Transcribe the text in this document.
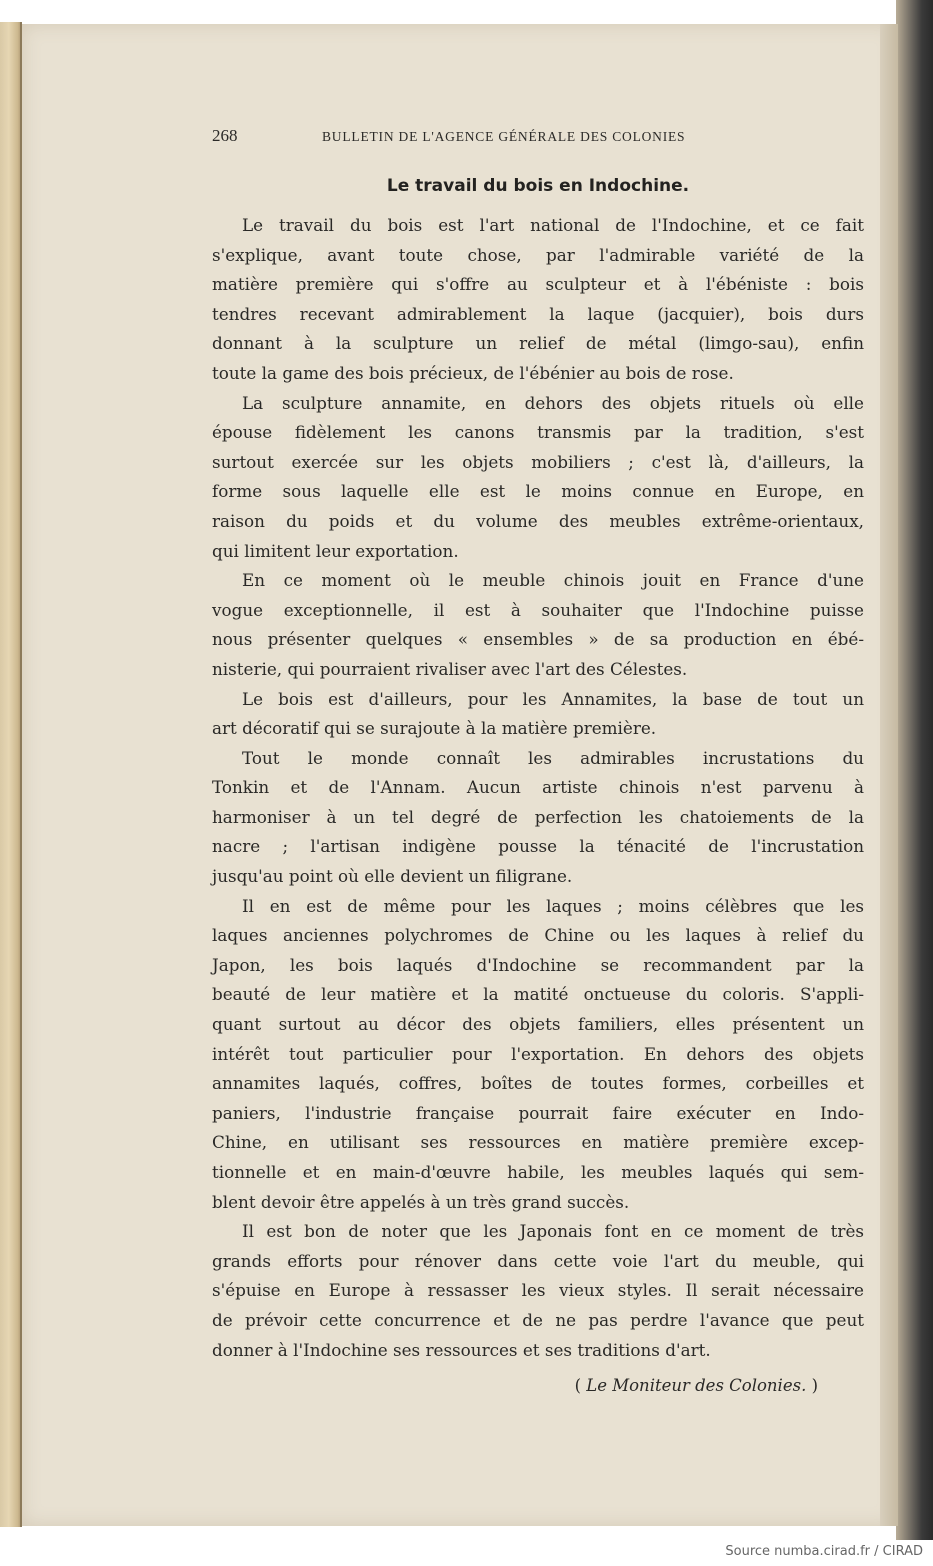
268	BULLETIN DE L'AGENCE GÉNÉRALE DES COLONIES
Le travail du bois en Indochine.
Le travail du bois est l'art national de l'Indochine, et ce fait
s'explique, avant toute chose, par l'admirable variété de la
matière première qui s'offre au sculpteur et à l'ébéniste : bois
tendres recevant admirablement la laque (jacquier), bois durs
donnant à la sculpture un relief de métal (limgo-sau), enfin
toute la game des bois précieux, de l'ébénier au bois de rose.
La sculpture annamite, en dehors des objets rituels où elle
épouse fidèlement les canons transmis par la tradition, s'est
surtout exercée sur les objets mobiliers ; c'est là, d'ailleurs, la
forme sous laquelle elle est le moins connue en Europe, en
raison du poids et du volume des meubles extrême-orientaux,
qui limitent leur exportation.
En ce moment où le meuble chinois jouit en France d'une
vogue exceptionnelle, il est à souhaiter que l'Indochine puisse
nous présenter quelques « ensembles » de sa production en ébé-
nisterie, qui pourraient rivaliser avec l'art des Célestes.
Le bois est d'ailleurs, pour les Annamites, la base de tout un
art décoratif qui se surajoute à la matière première.
Tout le monde connaît les admirables incrustations du
Tonkin et de l'Annam. Aucun artiste chinois n'est parvenu à
harmoniser à un tel degré de perfection les chatoiements de la
nacre ; l'artisan indigène pousse la ténacité de l'incrustation
jusqu'au point où elle devient un filigrane.
Il en est de même pour les laques ; moins célèbres que les
laques anciennes polychromes de Chine ou les laques à relief du
Japon, les bois laqués d'Indochine se recommandent par la
beauté de leur matière et la matité onctueuse du coloris. S'appli-
quant surtout au décor des objets familiers, elles présentent un
intérêt tout particulier pour l'exportation. En dehors des objets
annamites laqués, coffres, boîtes de toutes formes, corbeilles et
paniers, l'industrie française pourrait faire exécuter en Indo-
Chine, en utilisant ses ressources en matière première excep-
tionnelle et en main-d'œuvre habile, les meubles laqués qui sem-
blent devoir être appelés à un très grand succès.
Il est bon de noter que les Japonais font en ce moment de très
grands efforts pour rénover dans cette voie l'art du meuble, qui
s'épuise en Europe à ressasser les vieux styles. Il serait nécessaire
de prévoir cette concurrence et de ne pas perdre l'avance que peut
donner à l'Indochine ses ressources et ses traditions d'art.
( Le Moniteur des Colonies. )
Source numba.cirad.fr / CIRAD
